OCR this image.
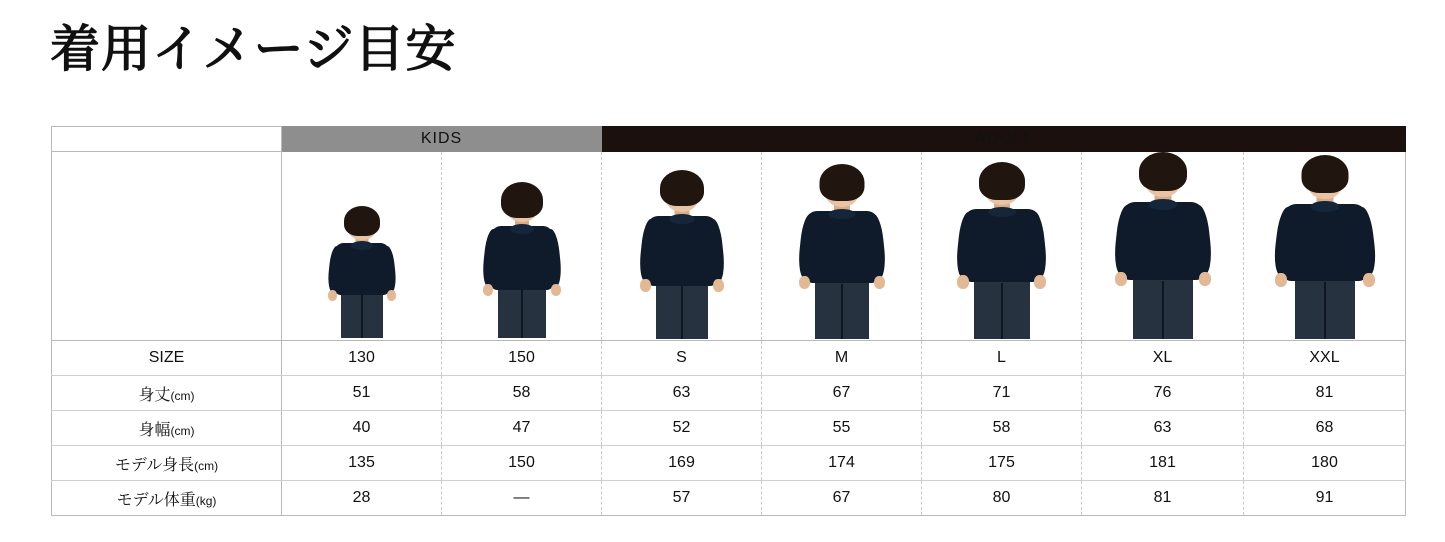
着用イメージ目安
	KIDS		ADULT				

SIZE	130	150	S	M	L	XL	XXL
身丈(cm)	51	58	63	67	71	76	81
身幅(cm)	40	47	52	55	58	63	68
モデル身長(cm)	135	150	169	174	175	181	180
モデル体重(kg)	28	—	57	67	80	81	91
